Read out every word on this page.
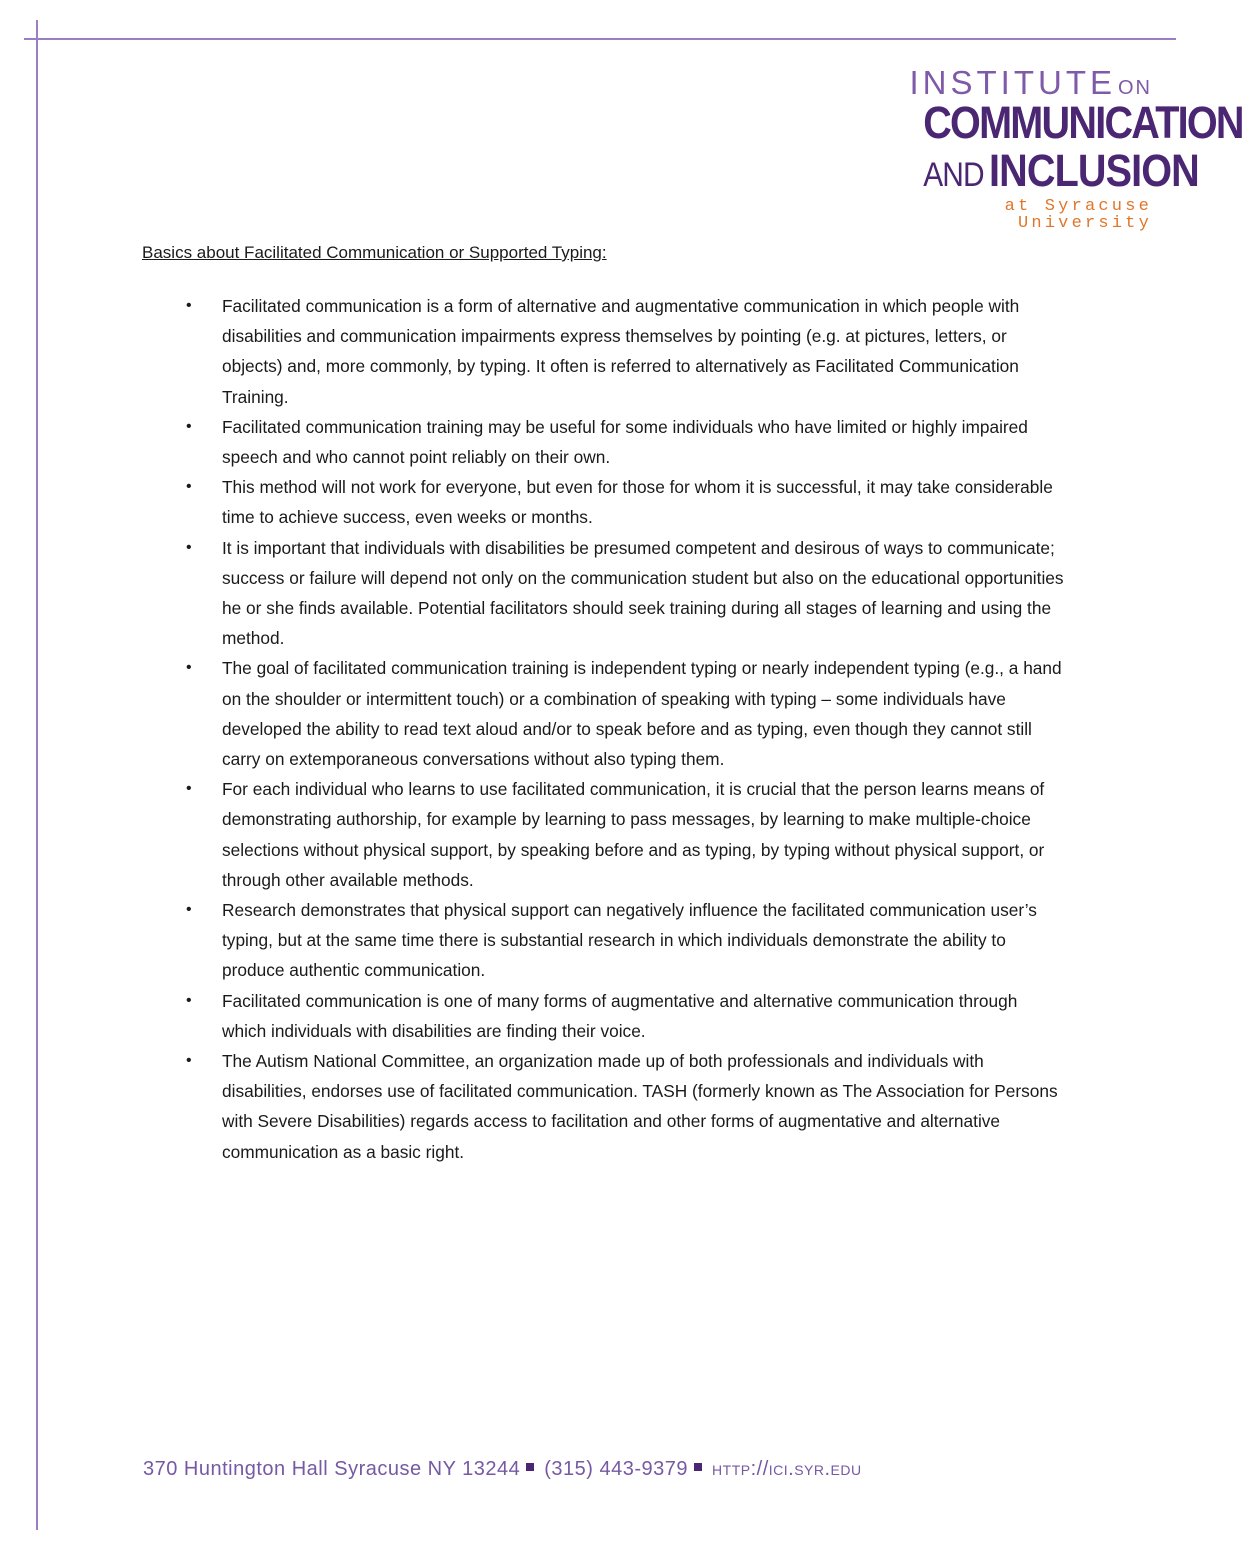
INSTITUTE ON
COMMUNICATION
AND INCLUSION
at Syracuse University
Basics about Facilitated Communication or Supported Typing:
• Facilitated communication is a form of alternative and augmentative communication in which people with disabilities and communication impairments express themselves by pointing (e.g. at pictures, letters, or objects) and, more commonly, by typing. It often is referred to alternatively as Facilitated Communication Training.
• Facilitated communication training may be useful for some individuals who have limited or highly impaired speech and who cannot point reliably on their own.
• This method will not work for everyone, but even for those for whom it is successful, it may take considerable time to achieve success, even weeks or months.
• It is important that individuals with disabilities be presumed competent and desirous of ways to communicate; success or failure will depend not only on the communication student but also on the educational opportunities he or she finds available. Potential facilitators should seek training during all stages of learning and using the method.
• The goal of facilitated communication training is independent typing or nearly independent typing (e.g., a hand on the shoulder or intermittent touch) or a combination of speaking with typing – some individuals have developed the ability to read text aloud and/or to speak before and as typing, even though they cannot still carry on extemporaneous conversations without also typing them.
• For each individual who learns to use facilitated communication, it is crucial that the person learns means of demonstrating authorship, for example by learning to pass messages, by learning to make multiple-choice selections without physical support, by speaking before and as typing, by typing without physical support, or through other available methods.
• Research demonstrates that physical support can negatively influence the facilitated communication user’s typing, but at the same time there is substantial research in which individuals demonstrate the ability to produce authentic communication.
• Facilitated communication is one of many forms of augmentative and alternative communication through which individuals with disabilities are finding their voice.
• The Autism National Committee, an organization made up of both professionals and individuals with disabilities, endorses use of facilitated communication. TASH (formerly known as The Association for Persons with Severe Disabilities) regards access to facilitation and other forms of augmentative and alternative communication as a basic right.
370 Huntington Hall Syracuse NY 13244 (315) 443-9379 http://ici.syr.edu
